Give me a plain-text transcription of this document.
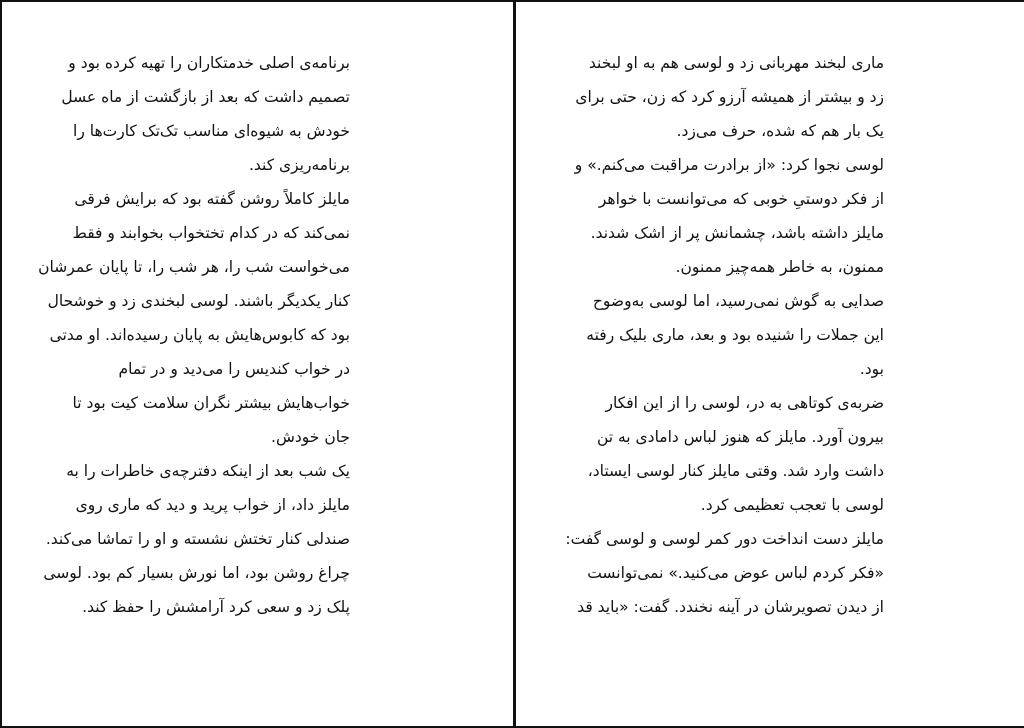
برنامه‌ی اصلی خدمتکاران را تهیه کرده بود و
تصمیم داشت که بعد از بازگشت از ماه عسل
خودش به شیوه‌ای مناسب تک‌تک کارت‌ها را
برنامه‌ریزی کند.
مایلز کاملاً روشن گفته بود که برایش فرقی
نمی‌کند که در کدام تختخواب بخوابند و فقط
می‌خواست شب را، هر شب را، تا پایان عمرشان
کنار یکدیگر باشند. لوسی لبخندی زد و خوشحال
بود که کابوس‌هایش به پایان رسیده‌اند. او مدتی
در خواب کندیس را می‌دید و در تمام
خواب‌هایش بیشتر نگران سلامت کیت بود تا
جان خودش.
یک شب بعد از اینکه دفترچه‌ی خاطرات را به
مایلز داد، از خواب پرید و دید که ماری روی
صندلی کنار تختش نشسته و او را تماشا می‌کند.
چراغ روشن بود، اما نورش بسیار کم بود. لوسی
پلک زد و سعی کرد آرامشش را حفظ کند.
ماری لبخند مهربانی زد و لوسی هم به او لبخند
زد و بیشتر از همیشه آرزو کرد که زن، حتی برای
یک بار هم که شده، حرف می‌زد.
لوسی نجوا کرد: «از برادرت مراقبت می‌کنم.» و
از فکر دوستیِ خوبی که می‌توانست با خواهر
مایلز داشته باشد، چشمانش پر از اشک شدند.
ممنون، به خاطر همه‌چیز ممنون.
صدایی به گوش نمی‌رسید، اما لوسی به‌وضوح
این جملات را شنیده بود و بعد، ماری بلیک رفته
بود.
ضربه‌ی کوتاهی به در، لوسی را از این افکار
بیرون آورد. مایلز که هنوز لباس دامادی به تن
داشت وارد شد. وقتی مایلز کنار لوسی ایستاد،
لوسی با تعجب تعظیمی کرد.
مایلز دست انداخت دور کمر لوسی و لوسی گفت:
«فکر کردم لباس عوض می‌کنید.» نمی‌توانست
از دیدن تصویرشان در آینه نخندد. گفت: «باید قد
